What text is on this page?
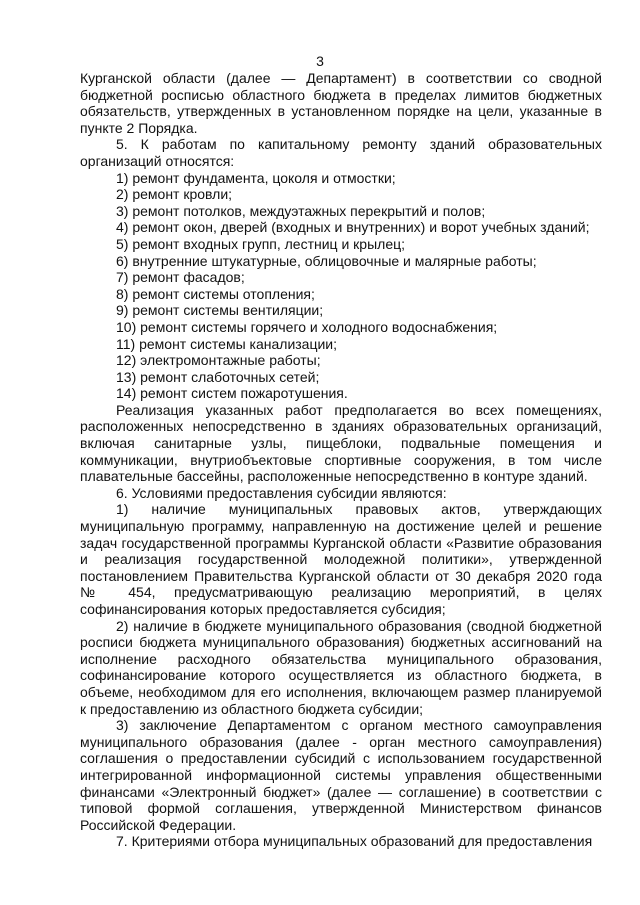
3

Курганской области (далее — Департамент) в соответствии со сводной бюджетной росписью областного бюджета в пределах лимитов бюджетных обязательств, утвержденных в установленном порядке на цели, указанные в пункте 2 Порядка.

5. К работам по капитальному ремонту зданий образовательных организаций относятся:

1) ремонт фундамента, цоколя и отмостки;

2) ремонт кровли;

3) ремонт потолков, междуэтажных перекрытий и полов;

4) ремонт окон, дверей (входных и внутренних) и ворот учебных зданий;

5) ремонт входных групп, лестниц и крылец;

6) внутренние штукатурные, облицовочные и малярные работы;

7) ремонт фасадов;

8) ремонт системы отопления;

9) ремонт системы вентиляции;

10) ремонт системы горячего и холодного водоснабжения;

11) ремонт системы канализации;

12) электромонтажные работы;

13) ремонт слаботочных сетей;

14) ремонт систем пожаротушения.

Реализация указанных работ предполагается во всех помещениях, расположенных непосредственно в зданиях образовательных организаций, включая санитарные узлы, пищеблоки, подвальные помещения и коммуникации, внутриобъектовые спортивные сооружения, в том числе плавательные бассейны, расположенные непосредственно в контуре зданий.

6. Условиями предоставления субсидии являются:

1) наличие муниципальных правовых актов, утверждающих муниципальную программу, направленную на достижение целей и решение задач государственной программы Курганской области «Развитие образования и реализация государственной молодежной политики», утвержденной постановлением Правительства Курганской области от 30 декабря 2020 года № 454, предусматривающую реализацию мероприятий, в целях софинансирования которых предоставляется субсидия;

2) наличие в бюджете муниципального образования (сводной бюджетной росписи бюджета муниципального образования) бюджетных ассигнований на исполнение расходного обязательства муниципального образования, софинансирование которого осуществляется из областного бюджета, в объеме, необходимом для его исполнения, включающем размер планируемой к предоставлению из областного бюджета субсидии;

3) заключение Департаментом с органом местного самоуправления муниципального образования (далее - орган местного самоуправления) соглашения о предоставлении субсидий с использованием государственной интегрированной информационной системы управления общественными финансами «Электронный бюджет» (далее — соглашение) в соответствии с типовой формой соглашения, утвержденной Министерством финансов Российской Федерации.

7. Критериями отбора муниципальных образований для предоставления
